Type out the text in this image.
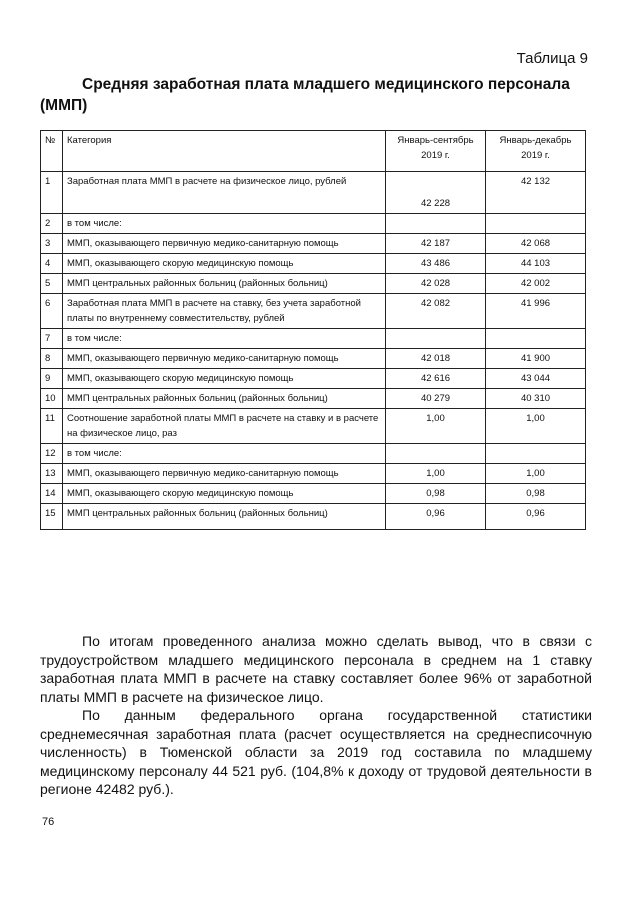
Таблица 9
Средняя заработная плата младшего медицинского персонала (ММП)
№	Категория	Январь-сентябрь 2019 г.	Январь-декабрь 2019 г.
1	Заработная плата ММП в расчете на физическое лицо, рублей	42 228	42 132
2	в том числе:		
3	ММП, оказывающего первичную медико-санитарную помощь	42 187	42 068
4	ММП, оказывающего скорую медицинскую помощь	43 486	44 103
5	ММП центральных районных больниц (районных больниц)	42 028	42 002
6	Заработная плата ММП в расчете на ставку, без учета заработной платы по внутреннему совместительству, рублей	42 082	41 996
7	в том числе:		
8	ММП, оказывающего первичную медико-санитарную помощь	42 018	41 900
9	ММП, оказывающего скорую медицинскую помощь	42 616	43 044
10	ММП центральных районных больниц (районных больниц)	40 279	40 310
11	Соотношение заработной платы ММП в расчете на ставку и в расчете на физическое лицо, раз	1,00	1,00
12	в том числе:		
13	ММП, оказывающего первичную медико-санитарную помощь	1,00	1,00
14	ММП, оказывающего скорую медицинскую помощь	0,98	0,98
15	ММП центральных районных больниц (районных больниц)	0,96	0,96

По итогам проведенного анализа можно сделать вывод, что в связи с трудоустройством младшего медицинского персонала в среднем на 1 ставку заработная плата ММП в расчете на ставку составляет более 96% от заработной платы ММП в расчете на физическое лицо.

По данным федерального органа государственной статистики среднемесячная заработная плата (расчет осуществляется на среднесписочную численность) в Тюменской области за 2019 год составила по младшему медицинскому персоналу 44 521 руб. (104,8% к доходу от трудовой деятельности в регионе 42482 руб.).

76
